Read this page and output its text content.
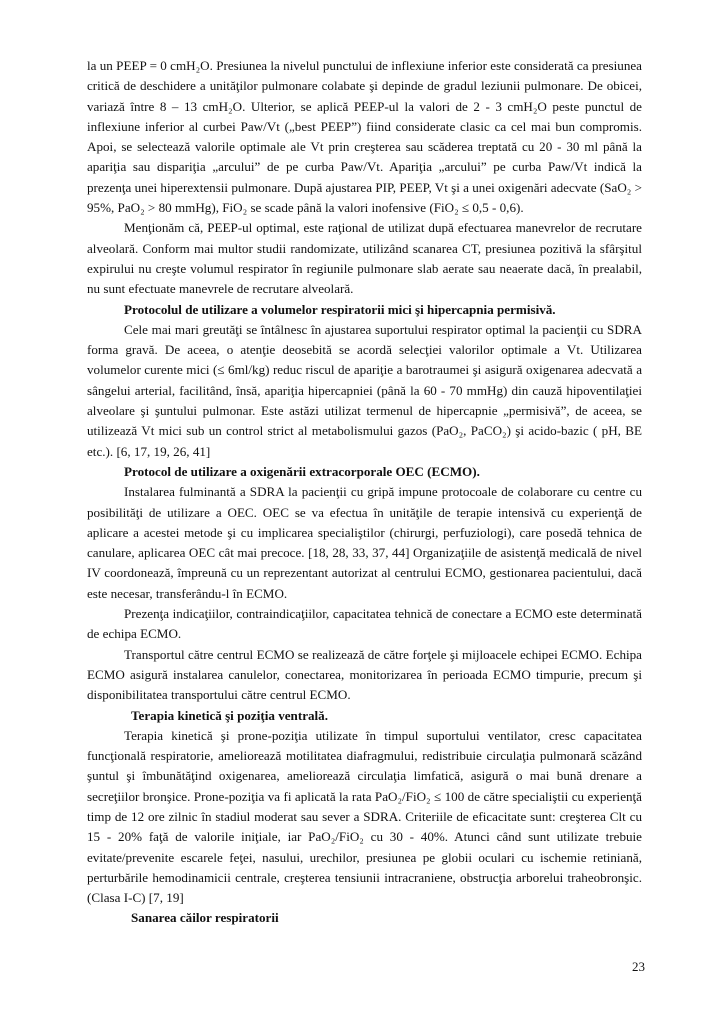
la un PEEP = 0 cmH₂O. Presiunea la nivelul punctului de inflexiune inferior este considerată ca presiunea critică de deschidere a unităţilor pulmonare colabate şi depinde de gradul leziunii pulmonare. De obicei, variază între 8 – 13 cmH₂O. Ulterior, se aplică PEEP-ul la valori de 2 - 3 cmH₂O peste punctul de inflexiune inferior al curbei Paw/Vt („best PEEP”) fiind considerate clasic ca cel mai bun compromis. Apoi, se selectează valorile optimale ale Vt prin creşterea sau scăderea treptată cu 20 - 30 ml până la apariţia sau dispariţia „arcului” de pe curba Paw/Vt. Apariţia „arcului” pe curba Paw/Vt indică la prezenţa unei hiperextensii pulmonare. După ajustarea PIP, PEEP, Vt şi a unei oxigenări adecvate (SaO₂ > 95%, PaO₂ > 80 mmHg), FiO₂ se scade până la valori inofensive (FiO₂ ≤ 0,5 - 0,6).

Menţionăm că, PEEP-ul optimal, este raţional de utilizat după efectuarea manevrelor de recrutare alveolară. Conform mai multor studii randomizate, utilizând scanarea CT, presiunea pozitivă la sfârşitul expirului nu creşte volumul respirator în regiunile pulmonare slab aerate sau neaerate dacă, în prealabil, nu sunt efectuate manevrele de recrutare alveolară.

Protocolul de utilizare a volumelor respiratorii mici şi hipercapnia permisivă.

Cele mai mari greutăţi se întâlnesc în ajustarea suportului respirator optimal la pacienţii cu SDRA forma gravă. De aceea, o atenţie deosebită se acordă selecţiei valorilor optimale a Vt. Utilizarea volumelor curente mici (≤ 6ml/kg) reduc riscul de apariţie a barotraumei şi asigură oxigenarea adecvată a sângelui arterial, facilitând, însă, apariţia hipercapniei (până la 60 - 70 mmHg) din cauză hipoventilaţiei alveolare şi şuntului pulmonar. Este astăzi utilizat termenul de hipercapnie „permisivă”, de aceea, se utilizează Vt mici sub un control strict al metabolismului gazos (PaO₂, PaCO₂) şi acido-bazic ( pH, BE etc.). [6, 17, 19, 26, 41]

Protocol de utilizare a oxigenării extracorporale OEC (ECMO).

Instalarea fulminantă a SDRA la pacienţii cu gripă impune protocoale de colaborare cu centre cu posibilităţi de utilizare a OEC. OEC se va efectua în unităţile de terapie intensivă cu experienţă de aplicare a acestei metode şi cu implicarea specialiştilor (chirurgi, perfuziologi), care posedă tehnica de canulare, aplicarea OEC cât mai precoce. [18, 28, 33, 37, 44] Organizaţiile de asistenţă medicală de nivel IV coordonează, împreună cu un reprezentant autorizat al centrului ECMO, gestionarea pacientului, dacă este necesar, transferându-l în ECMO.

Prezenţa indicaţiilor, contraindicaţiilor, capacitatea tehnică de conectare a ECMO este determinată de echipa ECMO.

Transportul către centrul ECMO se realizează de către forţele şi mijloacele echipei ECMO. Echipa ECMO asigură instalarea canulelor, conectarea, monitorizarea în perioada ECMO timpurie, precum şi disponibilitatea transportului către centrul ECMO.

Terapia kinetică şi poziţia ventrală.

Terapia kinetică şi prone-poziţia utilizate în timpul suportului ventilator, cresc capacitatea funcţională respiratorie, ameliorează motilitatea diafragmului, redistribuie circulaţia pulmonară scăzând şuntul şi îmbunătăţind oxigenarea, ameliorează circulaţia limfatică, asigură o mai bună drenare a secreţiilor bronşice. Prone-poziţia va fi aplicată la rata PaO₂/FiO₂ ≤ 100 de către specialiştii cu experienţă timp de 12 ore zilnic în stadiul moderat sau sever a SDRA. Criteriile de eficacitate sunt: creşterea Clt cu 15 - 20% faţă de valorile iniţiale, iar PaO₂/FiO₂ cu 30 - 40%. Atunci când sunt utilizate trebuie evitate/prevenite escarele feţei, nasului, urechilor, presiunea pe globii oculari cu ischemie retiniană, perturbările hemodinamicii centrale, creşterea tensiunii intracraniene, obstrucţia arborelui traheobronşic.(Clasa I-C) [7, 19]

Sanarea căilor respiratorii

23
